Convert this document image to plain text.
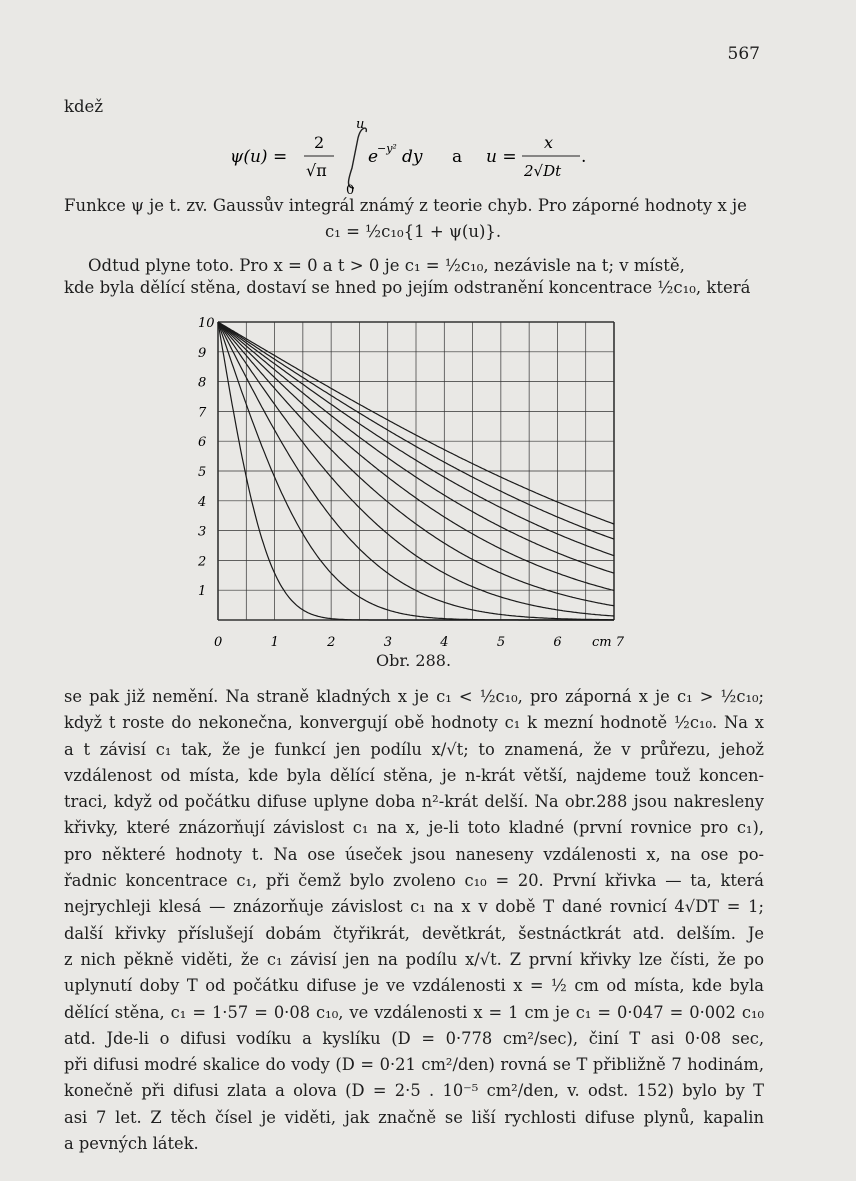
567
kdež
ψ(u) =
2
√π
u
0
e
−y² dy a u =
x
2√Dt
.
Funkce ψ je t. zv. Gaussův integrál známý z teorie chyb. Pro záporné hodnoty x je
c₁ = ½c₁₀{1 + ψ(u)}.
Odtud plyne toto. Pro x = 0 a t > 0 je c₁ = ½c₁₀, nezávisle na t; v místě,
kde byla dělící stěna, dostaví se hned po jejím odstranění koncentrace ½c₁₀, která
1
2
3
4
5
6
7
8
9
10
0	1	2	3	4	5	6 cm 7
Obr. 288.
se pak již nemění. Na straně kladných x je c₁ < ½c₁₀, pro záporná x je c₁ > ½c₁₀;
když t roste do nekonečna, konvergují obě hodnoty c₁ k mezní hodnotě ½c₁₀. Na x
a t závisí c₁ tak, že je funkcí jen podílu x/√t; to znamená, že v průřezu, jehož
vzdálenost od místa, kde byla dělící stěna, je n-krát větší, najdeme touž koncen-
traci, když od počátku difuse uplyne doba n²-krát delší. Na obr.288 jsou nakresleny
křivky, které znázorňují závislost c₁ na x, je-li toto kladné (první rovnice pro c₁),
pro některé hodnoty t. Na ose úseček jsou naneseny vzdálenosti x, na ose po-
řadnic koncentrace c₁, při čemž bylo zvoleno c₁₀ = 20. První křivka — ta, která
nejrychleji klesá — znázorňuje závislost c₁ na x v době T dané rovnicí 4√DT = 1;
další křivky příslušejí dobám čtyřikrát, devětkrát, šestnáctkrát atd. delším. Je
z nich pěkně viděti, že c₁ závisí jen na podílu x/√t. Z první křivky lze čísti, že po
uplynutí doby T od počátku difuse je ve vzdálenosti x = ½ cm od místa, kde byla
dělící stěna, c₁ = 1·57 = 0·08 c₁₀, ve vzdálenosti x = 1 cm je c₁ = 0·047 = 0·002 c₁₀
atd. Jde-li o difusi vodíku a kyslíku (D = 0·778 cm²/sec), činí T asi 0·08 sec,
při difusi modré skalice do vody (D = 0·21 cm²/den) rovná se T přibližně 7 hodinám,
konečně při difusi zlata a olova (D = 2·5 . 10⁻⁵ cm²/den, v. odst. 152) bylo by T
asi 7 let. Z těch čísel je viděti, jak značně se liší rychlosti difuse plynů, kapalin
a pevných látek.
